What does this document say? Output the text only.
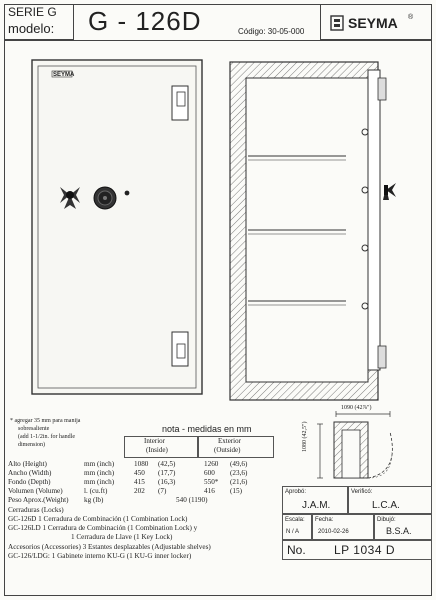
SERIE G
modelo: G - 126D	Código: 30-05-000
SEYMA ®
SEYMA
1090 (42⅞")
1080 (42,5")
* agregar 35 mm para manija
sobresaliente
(add 1-1/2in. for handle
dimension)
nota - medidas en mm
Interior
(Inside)
Exterior
(Outside)
Alto (Height)	mm (inch)	1080 (42,5)	1260 (49,6)
Ancho (Width)	mm (inch)	450 (17,7)	600 (23,6)
Fondo (Depth)	mm (inch)	415 (16,3)	550* (21,6)
Volumen (Volume)	l. (cu.ft)	202 (7)	416 (15)
Peso Aprox.(Weight) kg (lb)	540 (1190)
Cerraduras (Locks)
GC-126D 1 Cerradura de Combinación (1 Combination Lock)
GC-126LD 1 Cerradura de Combinación (1 Combination Lock) y
1 Cerradura de Llave (1 Key Lock)
Accesorios (Accessories) 3 Estantes desplazables (Adjustable shelves)
GC-126/LDG: 1 Gabinete interno KU-G (1 KU-G inner locker)
Aprobó:
J.A.M.
Verificó:
L.C.A.
Escala:
N / A
Fecha:
2010-02-26
Dibujó:
B.S.A.
No. LP 1034 D
